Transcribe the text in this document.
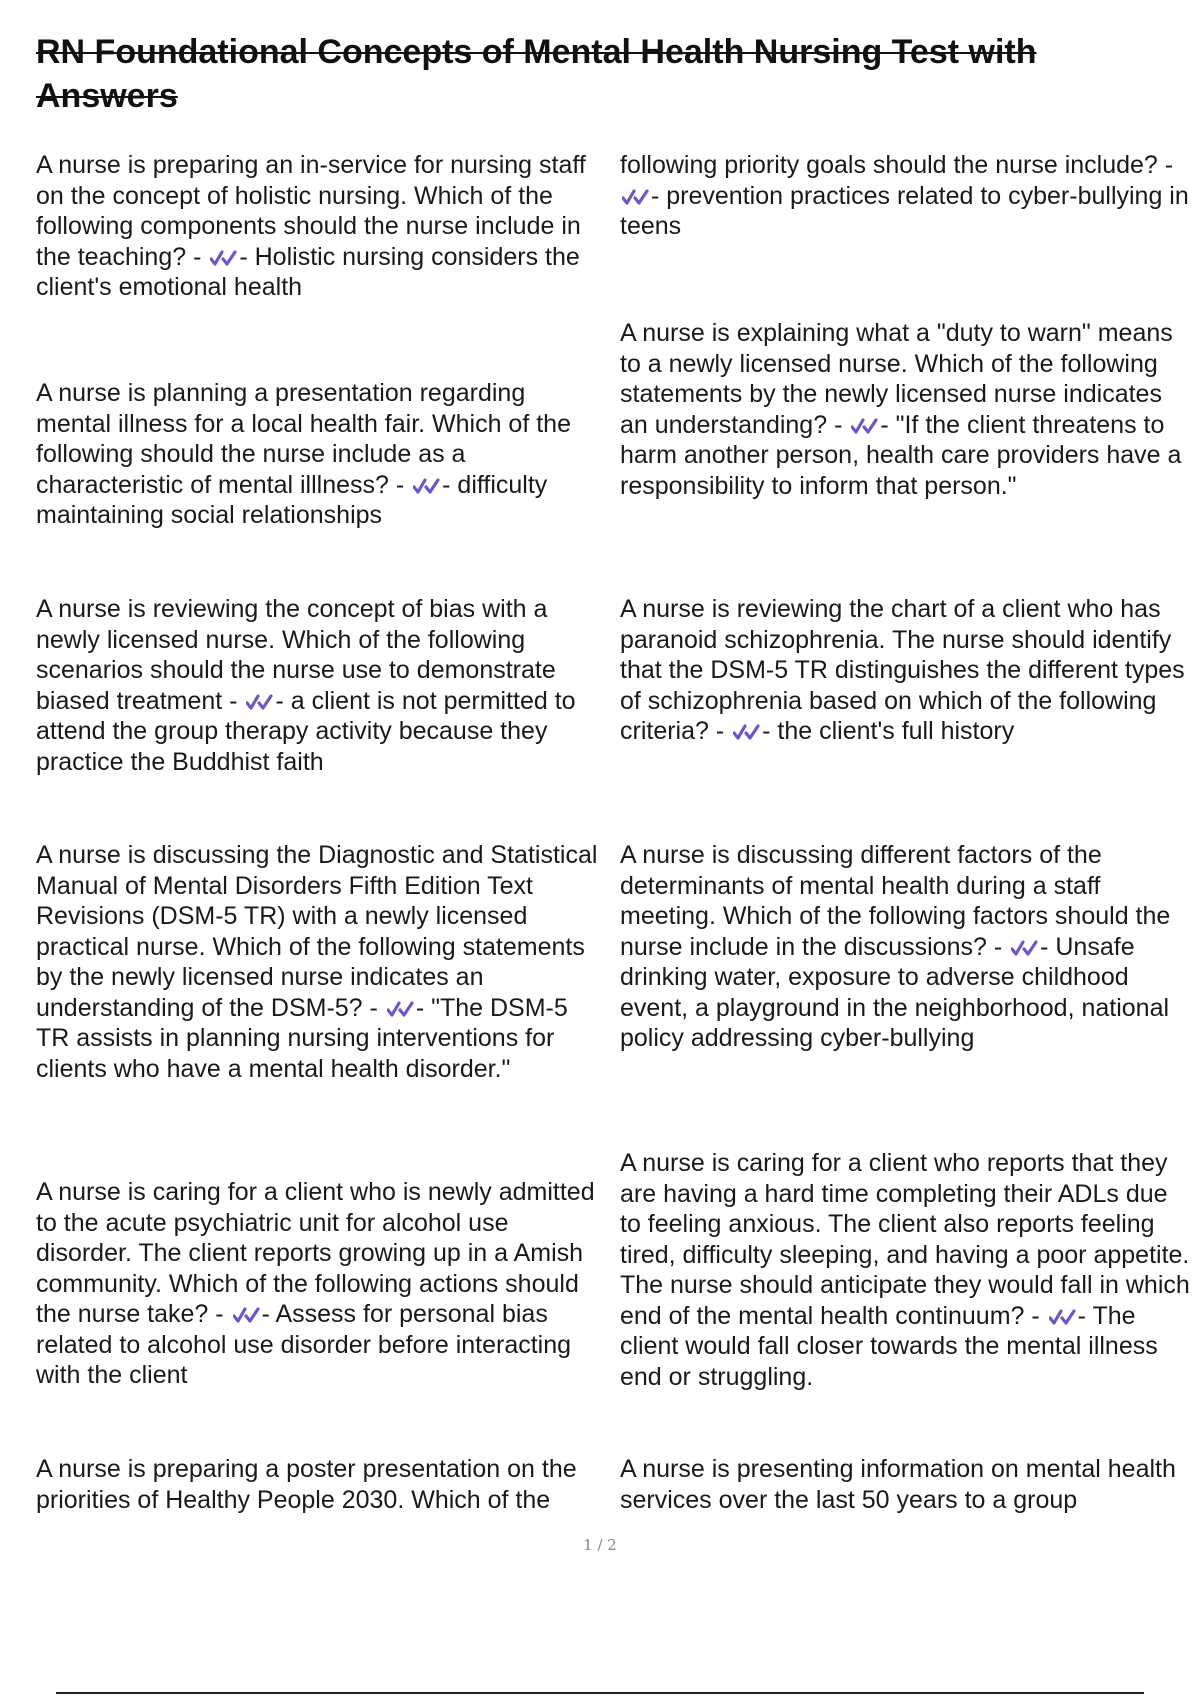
RN Foundational Concepts of Mental Health Nursing Test with
Answers

A nurse is preparing an in-service for nursing staff on the concept of holistic nursing. Which of the following components should the nurse include in the teaching? - - Holistic nursing considers the client's emotional health

A nurse is planning a presentation regarding mental illness for a local health fair. Which of the following should the nurse include as a characteristic of mental illlness? - - difficulty maintaining social relationships

A nurse is reviewing the concept of bias with a newly licensed nurse. Which of the following scenarios should the nurse use to demonstrate biased treatment - - a client is not permitted to attend the group therapy activity because they practice the Buddhist faith

A nurse is discussing the Diagnostic and Statistical Manual of Mental Disorders Fifth Edition Text Revisions (DSM-5 TR) with a newly licensed practical nurse. Which of the following statements by the newly licensed nurse indicates an understanding of the DSM-5? - - "The DSM-5 TR assists in planning nursing interventions for clients who have a mental health disorder."

A nurse is caring for a client who is newly admitted to the acute psychiatric unit for alcohol use disorder. The client reports growing up in a Amish community. Which of the following actions should the nurse take? - - Assess for personal bias related to alcohol use disorder before interacting with the client

A nurse is preparing a poster presentation on the priorities of Healthy People 2030. Which of the

following priority goals should the nurse include? -
- prevention practices related to cyber-bullying in teens

A nurse is explaining what a "duty to warn" means to a newly licensed nurse. Which of the following statements by the newly licensed nurse indicates an understanding? - - "If the client threatens to harm another person, health care providers have a responsibility to inform that person."

A nurse is reviewing the chart of a client who has paranoid schizophrenia. The nurse should identify that the DSM-5 TR distinguishes the different types of schizophrenia based on which of the following criteria? - - the client's full history

A nurse is discussing different factors of the determinants of mental health during a staff meeting. Which of the following factors should the nurse include in the discussions? - - Unsafe drinking water, exposure to adverse childhood event, a playground in the neighborhood, national policy addressing cyber-bullying

A nurse is caring for a client who reports that they are having a hard time completing their ADLs due to feeling anxious. The client also reports feeling tired, difficulty sleeping, and having a poor appetite. The nurse should anticipate they would fall in which end of the mental health continuum? - - The client would fall closer towards the mental illness end or struggling.

A nurse is presenting information on mental health services over the last 50 years to a group

1 / 2
